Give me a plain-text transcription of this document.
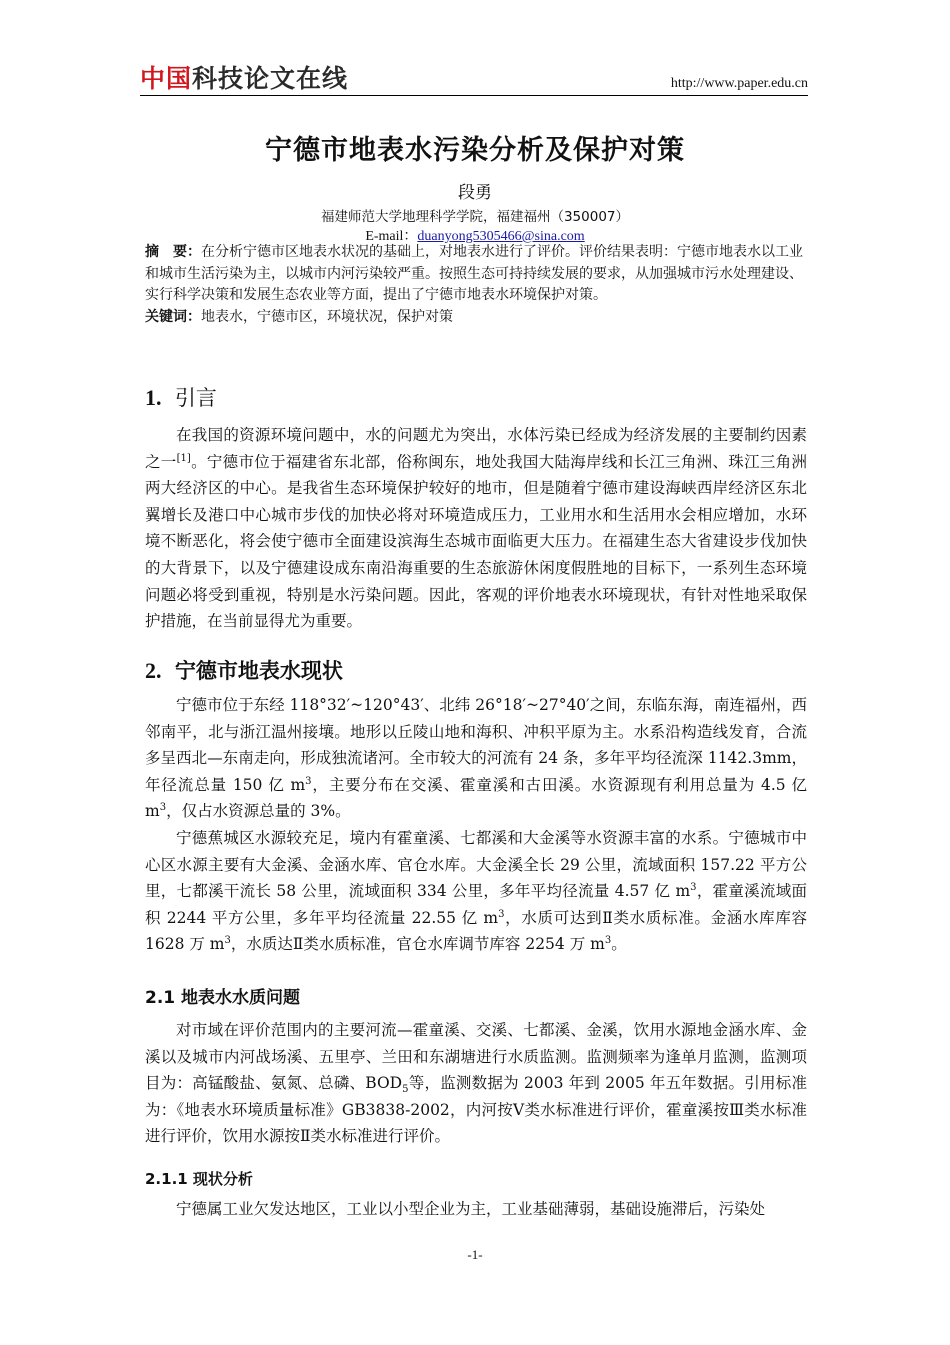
中国科技论文在线	http://www.paper.edu.cn
宁德市地表水污染分析及保护对策
段勇
福建师范大学地理科学学院，福建福州（350007）
E-mail：duanyong5305466@sina.com
摘　要：在分析宁德市区地表水状况的基础上，对地表水进行了评价。评价结果表明：宁德市地表水以工业和城市生活污染为主，以城市内河污染较严重。按照生态可持持续发展的要求，从加强城市污水处理建设、实行科学决策和发展生态农业等方面，提出了宁德市地表水环境保护对策。
关键词：地表水，宁德市区，环境状况，保护对策
1. 引言

在我国的资源环境问题中，水的问题尤为突出，水体污染已经成为经济发展的主要制约因素之一[1]。宁德市位于福建省东北部，俗称闽东，地处我国大陆海岸线和长江三角洲、珠江三角洲两大经济区的中心。是我省生态环境保护较好的地市，但是随着宁德市建设海峡西岸经济区东北翼增长及港口中心城市步伐的加快必将对环境造成压力，工业用水和生活用水会相应增加，水环境不断恶化，将会使宁德市全面建设滨海生态城市面临更大压力。在福建生态大省建设步伐加快的大背景下，以及宁德建设成东南沿海重要的生态旅游休闲度假胜地的目标下，一系列生态环境问题必将受到重视，特别是水污染问题。因此，客观的评价地表水环境现状，有针对性地采取保护措施，在当前显得尤为重要。

2. 宁德市地表水现状

宁德市位于东经 118°32′~120°43′、北纬 26°18′~27°40′之间，东临东海，南连福州，西邻南平，北与浙江温州接壤。地形以丘陵山地和海积、冲积平原为主。水系沿构造线发育，合流多呈西北—东南走向，形成独流诸河。全市较大的河流有 24 条，多年平均径流深 1142.3mm，年径流总量 150 亿 $m^3$，主要分布在交溪、霍童溪和古田溪。水资源现有利用总量为 4.5 亿 $m^3$，仅占水资源总量的 3%。

宁德蕉城区水源较充足，境内有霍童溪、七都溪和大金溪等水资源丰富的水系。宁德城市中心区水源主要有大金溪、金涵水库、官仓水库。大金溪全长 29 公里，流域面积 157.22 平方公里，七都溪干流长 58 公里，流域面积 334 公里，多年平均径流量 4.57 亿 $m^3$，霍童溪流域面积 2244 平方公里，多年平均径流量 22.55 亿 $m^3$，水质可达到Ⅱ类水质标准。金涵水库库容 1628 万 $m^3$，水质达Ⅱ类水质标准，官仓水库调节库容 2254 万 $m^3$。

2.1 地表水水质问题

对市域在评价范围内的主要河流—霍童溪、交溪、七都溪、金溪，饮用水源地金涵水库、金溪以及城市内河战场溪、五里亭、兰田和东湖塘进行水质监测。监测频率为逢单月监测，监测项目为：高锰酸盐、氨氮、总磷、$BOD_5$等，监测数据为 2003 年到 2005 年五年数据。引用标准为：《地表水环境质量标准》GB3838-2002，内河按Ⅴ类水标准进行评价，霍童溪按Ⅲ类水标准进行评价，饮用水源按Ⅱ类水标准进行评价。

2.1.1 现状分析

宁德属工业欠发达地区，工业以小型企业为主，工业基础薄弱，基础设施滞后，污染处

-1-
